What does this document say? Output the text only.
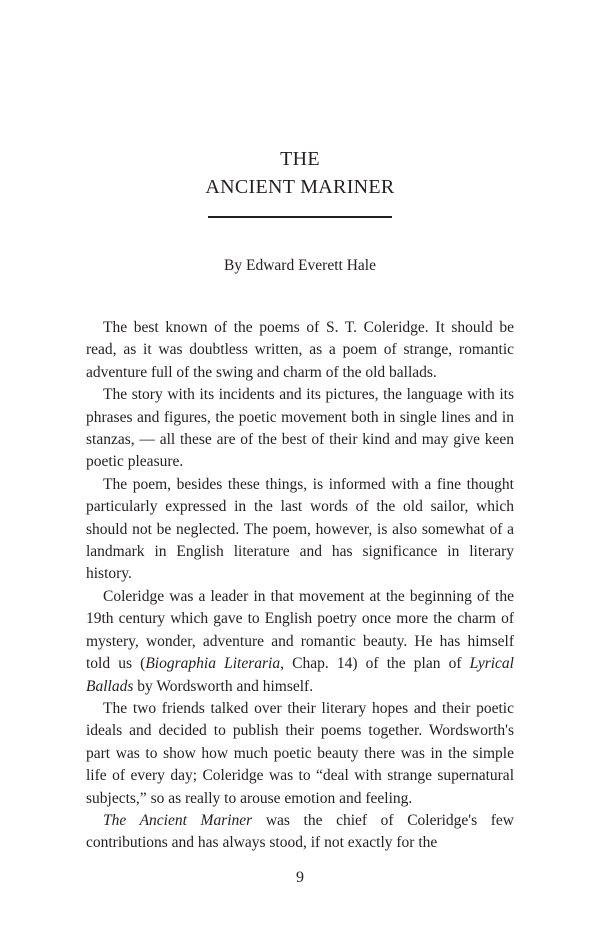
THE
ANCIENT MARINER
By Edward Everett Hale

The best known of the poems of S. T. Coleridge. It should be read, as it was doubtless written, as a poem of strange, romantic adventure full of the swing and charm of the old ballads.

The story with its incidents and its pictures, the language with its phrases and figures, the poetic movement both in single lines and in stanzas, — all these are of the best of their kind and may give keen poetic pleasure.

The poem, besides these things, is informed with a fine thought particularly expressed in the last words of the old sailor, which should not be neglected. The poem, however, is also somewhat of a landmark in English literature and has significance in literary history.

Coleridge was a leader in that movement at the beginning of the 19th century which gave to English poetry once more the charm of mystery, wonder, adventure and romantic beauty. He has himself told us (Biographia Literaria, Chap. 14) of the plan of Lyrical Ballads by Wordsworth and himself.

The two friends talked over their literary hopes and their poetic ideals and decided to publish their poems together. Wordsworth's part was to show how much poetic beauty there was in the simple life of every day; Coleridge was to “deal with strange supernatural subjects,” so as really to arouse emotion and feeling.

The Ancient Mariner was the chief of Coleridge's few contributions and has always stood, if not exactly for the

9
